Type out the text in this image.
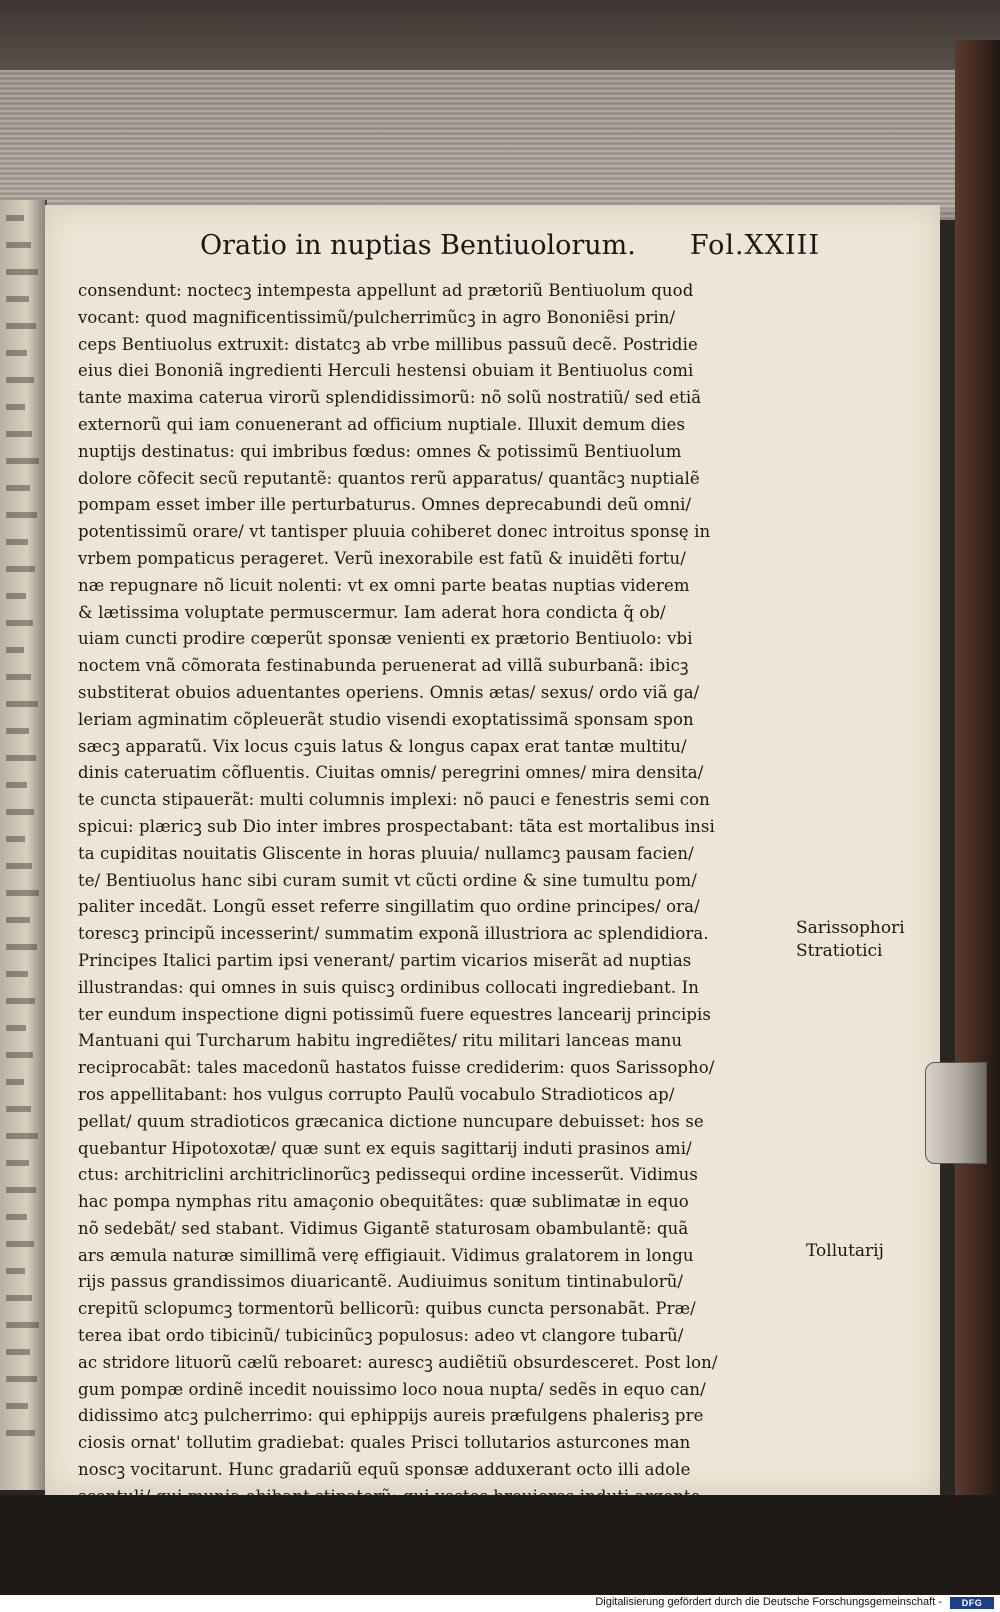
Oratio in nuptias Bentiuolorum. Fol.XXIII
consendunt: noctecꝫ intempesta appellunt ad prætoriũ Bentiuolum quod
vocant: quod magnificentissimũ/pulcherrimũcꝫ in agro Bononiẽsi prin/
ceps Bentiuolus extruxit: distatcꝫ ab vrbe millibus passuũ decẽ. Postridie
eius diei Bononiã ingredienti Herculi hestensi obuiam it Bentiuolus comi
tante maxima caterua virorũ splendidissimorũ: nõ solũ nostratiũ/ sed etiã
externorũ qui iam conuenerant ad officium nuptiale. Illuxit demum dies
nuptijs destinatus: qui imbribus fœdus: omnes & potissimũ Bentiuolum
dolore cõfecit secũ reputantẽ: quantos rerũ apparatus/ quantãcꝫ nuptialẽ
pompam esset imber ille perturbaturus. Omnes deprecabundi deũ omni/
potentissimũ orare/ vt tantisper pluuia cohiberet donec introitus sponsę in
vrbem pompaticus perageret. Verũ inexorabile est fatũ & inuidẽti fortu/
næ repugnare nõ licuit nolenti: vt ex omni parte beatas nuptias viderem
& lætissima voluptate permuscermur. Iam aderat hora condicta q̃ ob/
uiam cuncti prodire cœperũt sponsæ venienti ex prætorio Bentiuolo: vbi
noctem vnã cõmorata festinabunda peruenerat ad villã suburbanã: ibicꝫ
substiterat obuios aduentantes operiens. Omnis ætas/ sexus/ ordo viã ga/
leriam agminatim cõpleuerãt studio visendi exoptatissimã sponsam spon
sæcꝫ apparatũ. Vix locus cꝫuis latus & longus capax erat tantæ multitu/
dinis cateruatim cõfluentis. Ciuitas omnis/ peregrini omnes/ mira densita/
te cuncta stipauerãt: multi columnis implexi: nõ pauci e fenestris semi con
spicui: plæricꝫ sub Dio inter imbres prospectabant: tãta est mortalibus insi
ta cupiditas nouitatis Gliscente in horas pluuia/ nullamcꝫ pausam facien/
te/ Bentiuolus hanc sibi curam sumit vt cũcti ordine & sine tumultu pom/
paliter incedãt. Longũ esset referre singillatim quo ordine principes/ ora/
torescꝫ principũ incesserint/ summatim exponã illustriora ac splendidiora.
Principes Italici partim ipsi venerant/ partim vicarios miserãt ad nuptias
illustrandas: qui omnes in suis quiscꝫ ordinibus collocati ingrediebant. In
ter eundum inspectione digni potissimũ fuere equestres lancearij principis
Mantuani qui Turcharum habitu ingrediẽtes/ ritu militari lanceas manu
reciprocabãt: tales macedonũ hastatos fuisse crediderim: quos Sarissopho/
ros appellitabant: hos vulgus corrupto Paulũ vocabulo Stradioticos ap/
pellat/ quum stradioticos græcanica dictione nuncupare debuisset: hos se
quebantur Hipotoxotæ/ quæ sunt ex equis sagittarij induti prasinos ami/
ctus: architriclini architriclinorũcꝫ pedissequi ordine incesserũt. Vidimus
hac pompa nymphas ritu amaçonio obequitãtes: quæ sublimatæ in equo
nõ sedebãt/ sed stabant. Vidimus Gigantẽ staturosam obambulantẽ: quã
ars æmula naturæ simillimã verę effigiauit. Vidimus gralatorem in longu
rijs passus grandissimos diuaricantẽ. Audiuimus sonitum tintinabulorũ/
crepitũ sclopumcꝫ tormentorũ bellicorũ: quibus cuncta personabãt. Præ/
terea ibat ordo tibicinũ/ tubicinũcꝫ populosus: adeo vt clangore tubarũ/
ac stridore lituorũ cælũ reboaret: aurescꝫ audiẽtiũ obsurdesceret. Post lon/
gum pompæ ordinẽ incedit nouissimo loco noua nupta/ sedẽs in equo can/
didissimo atcꝫ pulcherrimo: qui ephippijs aureis præfulgens phalerisꝫ pre
ciosis ornat' tollutim gradiebat: quales Prisci tollutarios asturcones man
noscꝫ vocitarunt. Hunc gradariũ equũ sponsæ adduxerant octo illi adole
Sarissophori
Stratiotici
Tollutarij
Digitalisierung gefördert durch die Deutsche Forschungsgemeinschaft -	DFG
